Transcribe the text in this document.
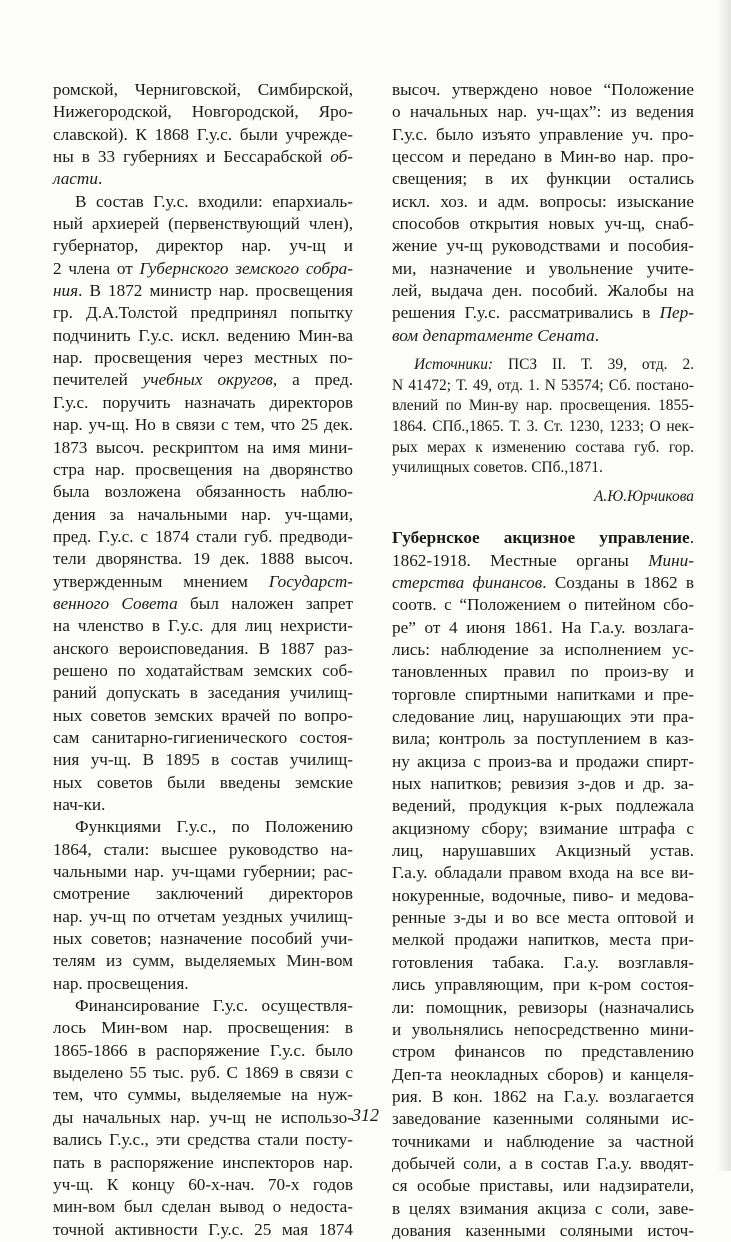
ромской, Черниговской, Симбирской,
Нижегородской, Новгородской, Яро-
славской). К 1868 Г.у.с. были учрежде-
ны в 33 губерниях и Бессарабской об-
ласти.
В состав Г.у.с. входили: епархиаль-
ный архиерей (первенствующий член),
губернатор, директор нар. уч-щ и
2 члена от Губернского земского собра-
ния. В 1872 министр нар. просвещения
гр. Д.А.Толстой предпринял попытку
подчинить Г.у.с. искл. ведению Мин-ва
нар. просвещения через местных по-
печителей учебных округов, а пред.
Г.у.с. поручить назначать директоров
нар. уч-щ. Но в связи с тем, что 25 дек.
1873 высоч. рескриптом на имя мини-
стра нар. просвещения на дворянство
была возложена обязанность наблю-
дения за начальными нар. уч-щами,
пред. Г.у.с. с 1874 стали губ. предводи-
тели дворянства. 19 дек. 1888 высоч.
утвержденным мнением Государст-
венного Совета был наложен запрет
на членство в Г.у.с. для лиц нехристи-
анского вероисповедания. В 1887 раз-
решено по ходатайствам земских соб-
раний допускать в заседания училищ-
ных советов земских врачей по вопро-
сам санитарно-гигиенического состоя-
ния уч-щ. В 1895 в состав училищ-
ных советов были введены земские
нач-ки.
Функциями Г.у.с., по Положению
1864, стали: высшее руководство на-
чальными нар. уч-щами губернии; рас-
смотрение заключений директоров
нар. уч-щ по отчетам уездных училищ-
ных советов; назначение пособий учи-
телям из сумм, выделяемых Мин-вом
нар. просвещения.
Финансирование Г.у.с. осуществля-
лось Мин-вом нар. просвещения: в
1865-1866 в распоряжение Г.у.с. было
выделено 55 тыс. руб. С 1869 в связи с
тем, что суммы, выделяемые на нуж-
ды начальных нар. уч-щ не использо-
вались Г.у.с., эти средства стали посту-
пать в распоряжение инспекторов нар.
уч-щ. К концу 60-х-нач. 70-х годов
мин-вом был сделан вывод о недоста-
точной активности Г.у.с. 25 мая 1874
высоч. утверждено новое “Положение
о начальных нар. уч-щах”: из ведения
Г.у.с. было изъято управление уч. про-
цессом и передано в Мин-во нар. про-
свещения; в их функции остались
искл. хоз. и адм. вопросы: изыскание
способов открытия новых уч-щ, снаб-
жение уч-щ руководствами и пособия-
ми, назначение и увольнение учите-
лей, выдача ден. пособий. Жалобы на
решения Г.у.с. рассматривались в Пер-
вом департаменте Сената.
Источники: ПСЗ II. Т. 39, отд. 2.
N 41472; Т. 49, отд. 1. N 53574; Сб. постано-
влений по Мин-ву нар. просвещения. 1855-
1864. СПб.,1865. Т. 3. Ст. 1230, 1233; О нек-
рых мерах к изменению состава губ. гор.
училищных советов. СПб.,1871.
А.Ю.Юрчикова
Губернское акцизное управление.
1862-1918. Местные органы Мини-
стерства финансов. Созданы в 1862 в
соотв. с “Положением о питейном сбо-
ре” от 4 июня 1861. На Г.а.у. возлага-
лись: наблюдение за исполнением ус-
тановленных правил по произ-ву и
торговле спиртными напитками и пре-
следование лиц, нарушающих эти пра-
вила; контроль за поступлением в каз-
ну акциза с произ-ва и продажи спирт-
ных напитков; ревизия з-дов и др. за-
ведений, продукция к-рых подлежала
акцизному сбору; взимание штрафа с
лиц, нарушавших Акцизный устав.
Г.а.у. обладали правом входа на все ви-
нокуренные, водочные, пиво- и медова-
ренные з-ды и во все места оптовой и
мелкой продажи напитков, места при-
готовления табака. Г.а.у. возглавля-
лись управляющим, при к-ром состоя-
ли: помощник, ревизоры (назначались
и увольнялись непосредственно мини-
стром финансов по представлению
Деп-та неокладных сборов) и канцеля-
рия. В кон. 1862 на Г.а.у. возлагается
заведование казенными соляными ис-
точниками и наблюдение за частной
добычей соли, а в состав Г.а.у. вводят-
ся особые приставы, или надзиратели,
в целях взимания акциза с соли, заве-
дования казенными соляными источ-
312
